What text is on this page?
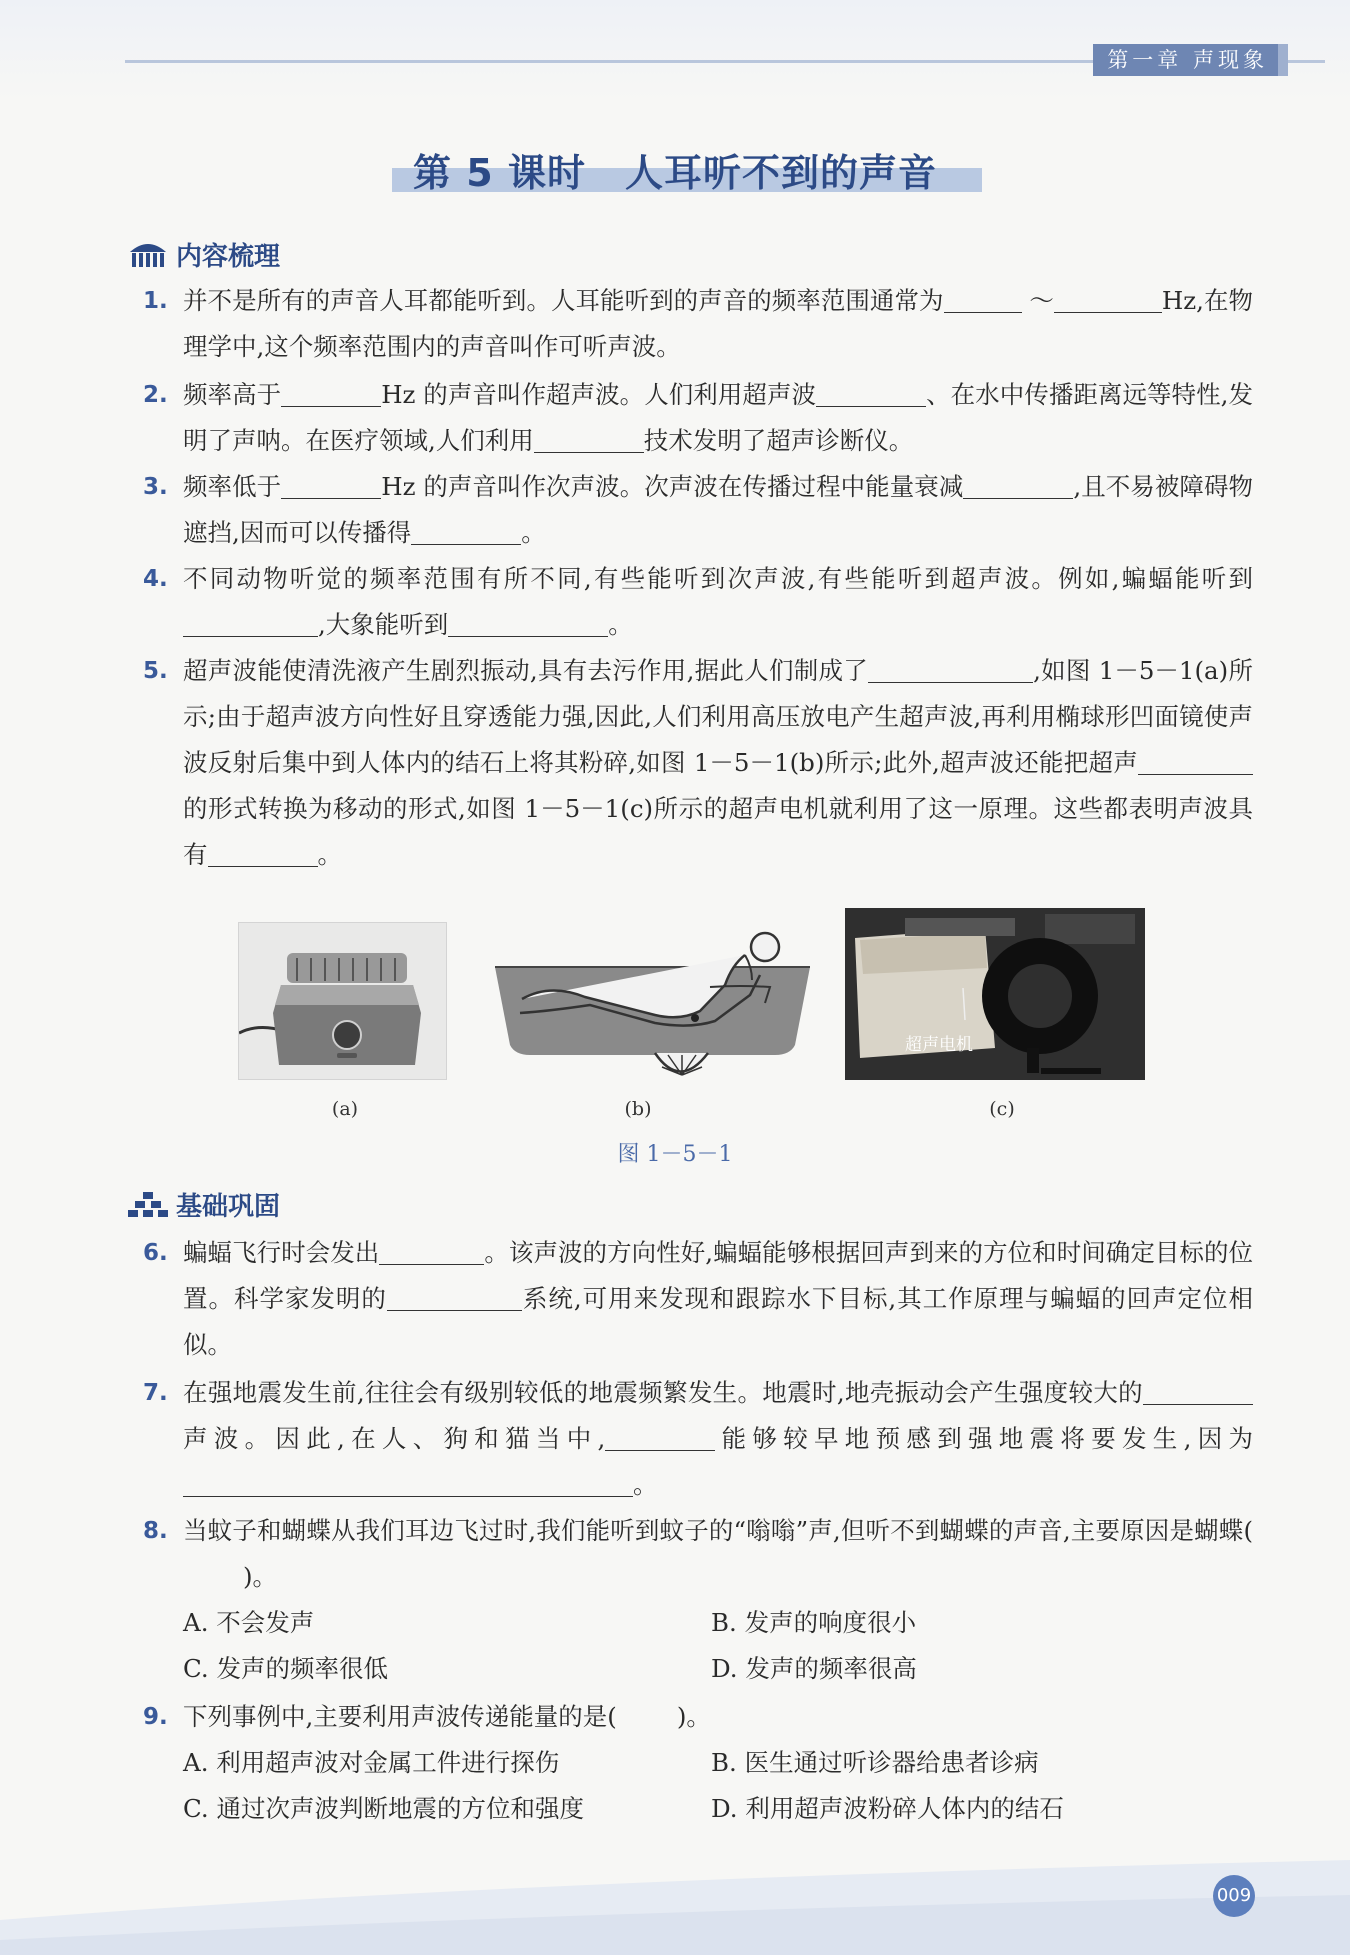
第一章 声现象
第 5 课时　人耳听不到的声音
内容梳理
1. 并不是所有的声音人耳都能听到。人耳能听到的声音的频率范围通常为	～	Hz,在物理学中,这个频率范围内的声音叫作可听声波。
2. 频率高于	Hz 的声音叫作超声波。人们利用超声波	、在水中传播距离远等特性,发明了声呐。在医疗领域,人们利用	技术发明了超声诊断仪。
3. 频率低于	Hz 的声音叫作次声波。次声波在传播过程中能量衰减	,且不易被障碍物遮挡,因而可以传播得	。
4. 不同动物听觉的频率范围有所不同,有些能听到次声波,有些能听到超声波。例如,蝙蝠能听到,大象能听到	。
5. 超声波能使清洗液产生剧烈振动,具有去污作用,据此人们制成了	,如图 1－5－1(a)所示;由于超声波方向性好且穿透能力强,因此,人们利用高压放电产生超声波,再利用椭球形凹面镜使声波反射后集中到人体内的结石上将其粉碎,如图 1－5－1(b)所示;此外,超声波还能把超声的形式转换为移动的形式,如图 1－5－1(c)所示的超声电机就利用了这一原理。这些都表明声波具有	。
超声电机
(a)	(b)	(c)
图 1－5－1
基础巩固
6. 蝙蝠飞行时会发出	。该声波的方向性好,蝙蝠能够根据回声到来的方位和时间确定目标的位置。科学家发明的	系统,可用来发现和跟踪水下目标,其工作原理与蝙蝠的回声定位相似。
7. 在强地震发生前,往往会有级别较低的地震频繁发生。地震时,地壳振动会产生强度较大的声波。因此,在人、狗和猫当中,	能够较早地预感到强地震将要发生,因为。
8. 当蚊子和蝴蝶从我们耳边飞过时,我们能听到蚊子的“嗡嗡”声,但听不到蝴蝶的声音,主要原因是蝴蝶()。
A. 不会发声	B. 发声的响度很小
C. 发声的频率很低	D. 发声的频率很高
9. 下列事例中,主要利用声波传递能量的是( )。
A. 利用超声波对金属工件进行探伤	B. 医生通过听诊器给患者诊病
C. 通过次声波判断地震的方位和强度	D. 利用超声波粉碎人体内的结石
009
